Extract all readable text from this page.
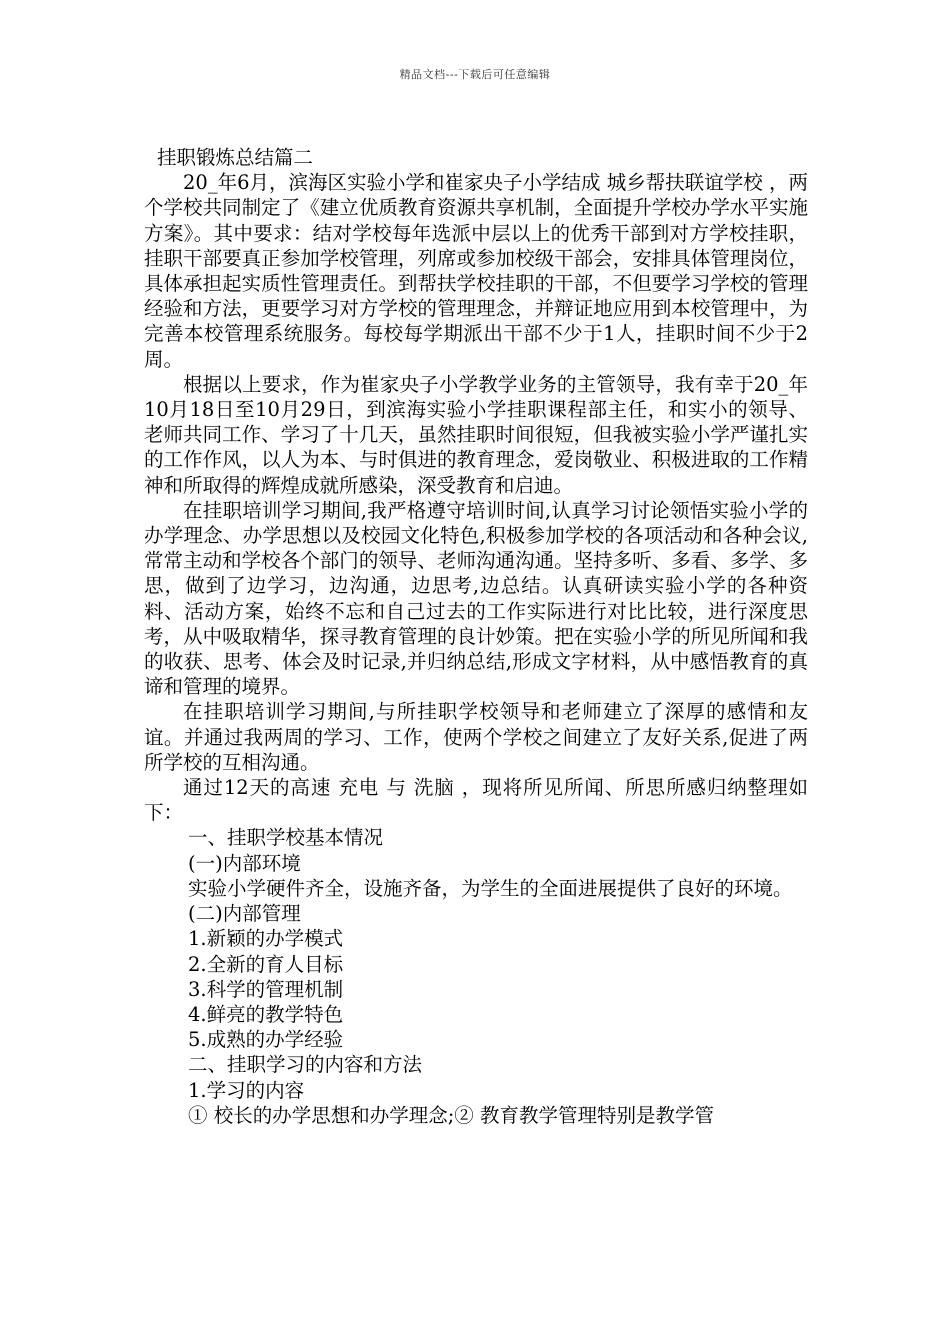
精品文档---下载后可任意编辑

挂职锻炼总结篇二

20_年6月，滨海区实验小学和崔家央子小学结成 城乡帮扶联谊学校 ，两个学校共同制定了《建立优质教育资源共享机制，全面提升学校办学水平实施方案》。其中要求：结对学校每年选派中层以上的优秀干部到对方学校挂职，挂职干部要真正参加学校管理，列席或参加校级干部会，安排具体管理岗位，具体承担起实质性管理责任。到帮扶学校挂职的干部，不但要学习学校的管理经验和方法，更要学习对方学校的管理理念，并辩证地应用到本校管理中，为完善本校管理系统服务。每校每学期派出干部不少于1人，挂职时间不少于2周。

根据以上要求，作为崔家央子小学教学业务的主管领导，我有幸于20_年10月18日至10月29日，到滨海实验小学挂职课程部主任，和实小的领导、老师共同工作、学习了十几天，虽然挂职时间很短，但我被实验小学严谨扎实的工作作风，以人为本、与时俱进的教育理念，爱岗敬业、积极进取的工作精神和所取得的辉煌成就所感染，深受教育和启迪。

在挂职培训学习期间,我严格遵守培训时间,认真学习讨论领悟实验小学的办学理念、办学思想以及校园文化特色,积极参加学校的各项活动和各种会议,常常主动和学校各个部门的领导、老师沟通沟通。坚持多听、多看、多学、多思，做到了边学习，边沟通，边思考,边总结。认真研读实验小学的各种资料、活动方案，始终不忘和自己过去的工作实际进行对比比较，进行深度思考，从中吸取精华，探寻教育管理的良计妙策。把在实验小学的所见所闻和我的收获、思考、体会及时记录,并归纳总结,形成文字材料，从中感悟教育的真谛和管理的境界。

在挂职培训学习期间,与所挂职学校领导和老师建立了深厚的感情和友谊。并通过我两周的学习、工作，使两个学校之间建立了友好关系,促进了两所学校的互相沟通。

通过12天的高速 充电 与 洗脑 ，现将所见所闻、所思所感归纳整理如下：

一、挂职学校基本情况

(一)内部环境

实验小学硬件齐全，设施齐备，为学生的全面进展提供了良好的环境。

(二)内部管理

1.新颖的办学模式

2.全新的育人目标

3.科学的管理机制

4.鲜亮的教学特色

5.成熟的办学经验

二、挂职学习的内容和方法

1.学习的内容

① 校长的办学思想和办学理念;② 教育教学管理特别是教学管
